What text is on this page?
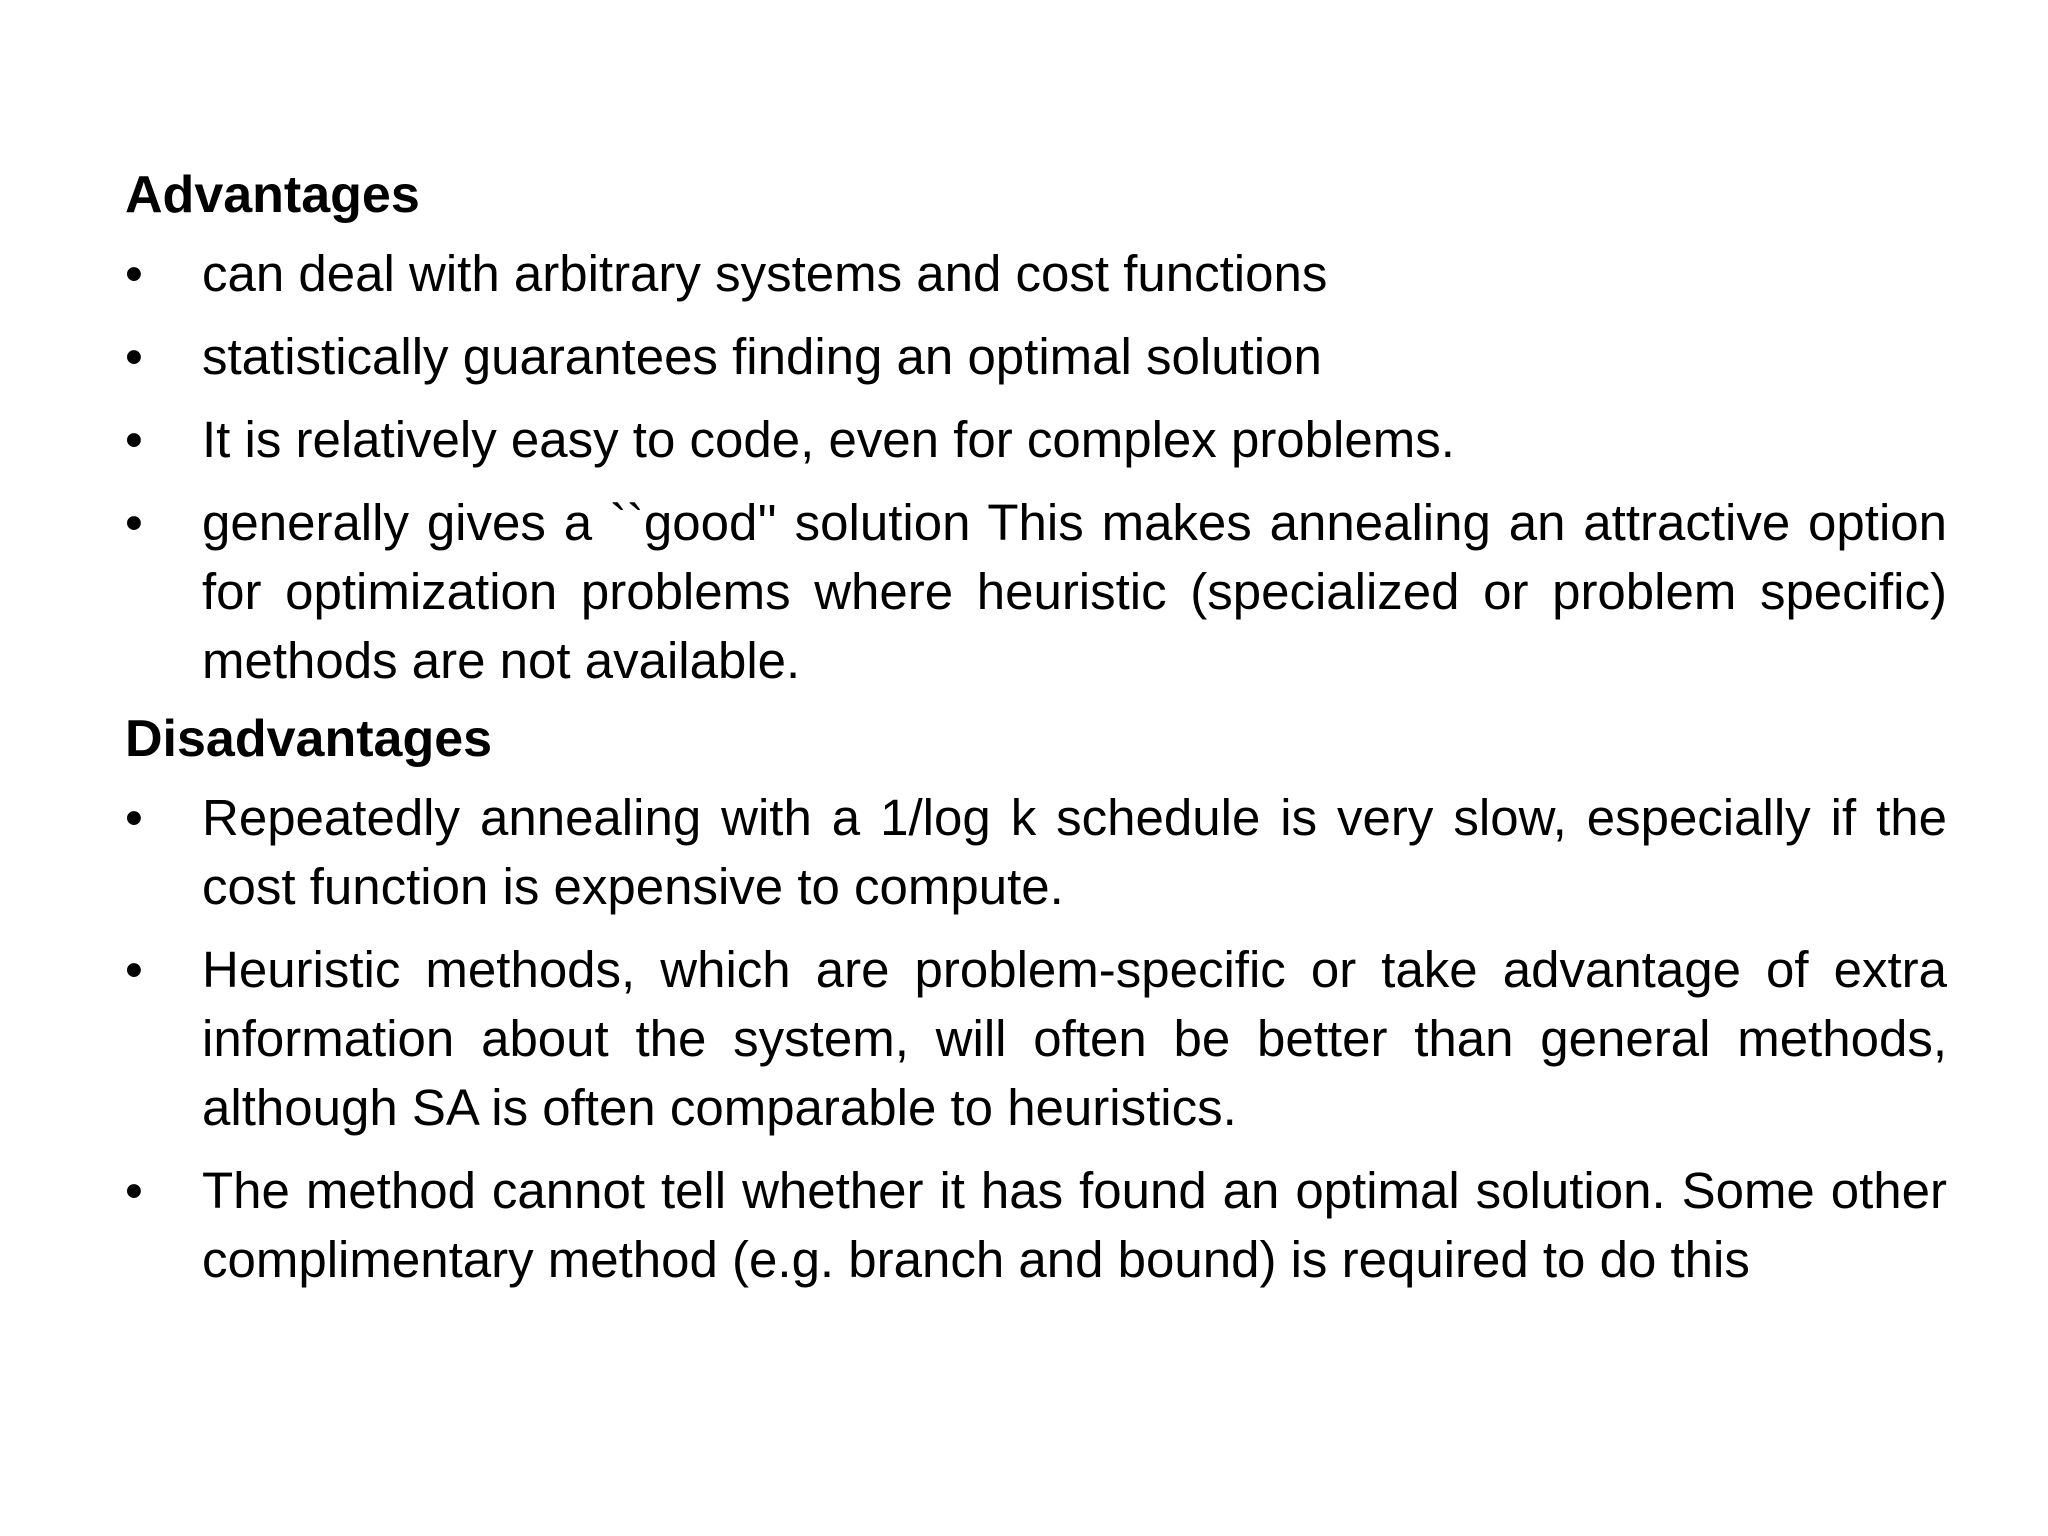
Advantages
•	can deal with arbitrary systems and cost functions
•	statistically guarantees finding an optimal solution
•	It is relatively easy to code, even for complex problems.
•	generally gives a ``good'' solution This makes annealing an attractive option for optimization problems where heuristic (specialized or problem specific) methods are not available.
Disadvantages
•	Repeatedly annealing with a 1/log k schedule is very slow, especially if the cost function is expensive to compute.
•	Heuristic methods, which are problem-specific or take advantage of extra information about the system, will often be better than general methods, although SA is often comparable to heuristics.
•	The method cannot tell whether it has found an optimal solution. Some other complimentary method (e.g. branch and bound) is required to do this
